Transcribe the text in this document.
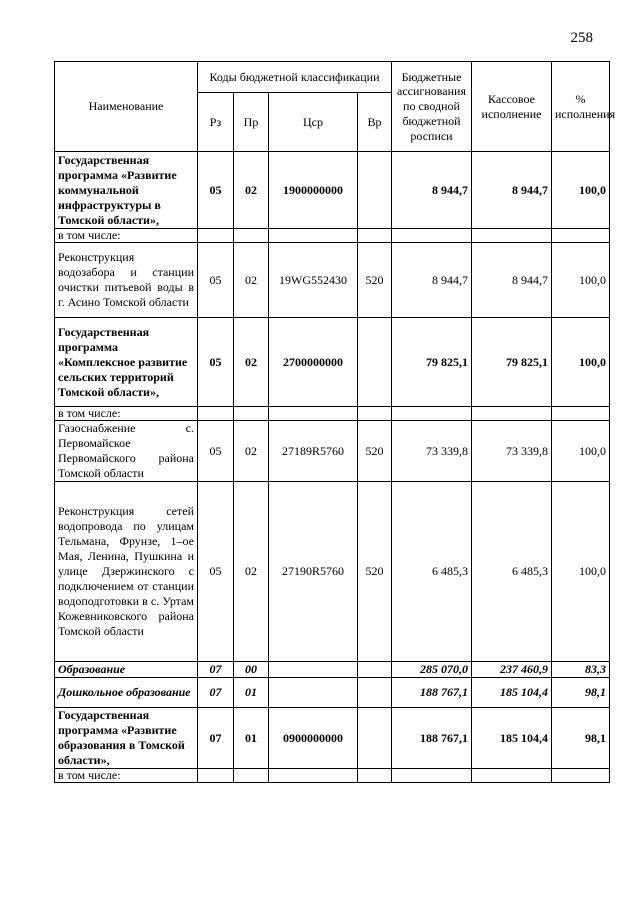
258
Наименование	Коды бюджетной классификации				Бюджетные ассигнования по сводной бюджетной росписи	Кассовое исполнение	% исполнения
	Рз	Пр	Цср	Вр			
Государственная программа «Развитие коммунальной инфраструктуры в Томской области»,	05	02	1900000000		8 944,7	8 944,7	100,0
в том числе:							
Реконструкция водозабора и станции очистки питьевой воды в г. Асино Томской области	05	02	19WG552430	520	8 944,7	8 944,7	100,0
Государственная программа «Комплексное развитие сельских территорий Томской области»,	05	02	2700000000		79 825,1	79 825,1	100,0
в том числе:							
Газоснабжение с. Первомайское Первомайского района Томской области	05	02	27189R5760	520	73 339,8	73 339,8	100,0
Реконструкция сетей водопровода по улицам Тельмана, Фрунзе, 1–ое Мая, Ленина, Пушкина и улице Дзержинского с подключением от станции водоподготовки в с. Уртам Кожевниковского района Томской области	05	02	27190R5760	520	6 485,3	6 485,3	100,0
Образование	07	00			285 070,0	237 460,9	83,3
Дошкольное образование	07	01			188 767,1	185 104,4	98,1
Государственная программа «Развитие образования в Томской области»,	07	01	0900000000		188 767,1	185 104,4	98,1
в том числе:							
